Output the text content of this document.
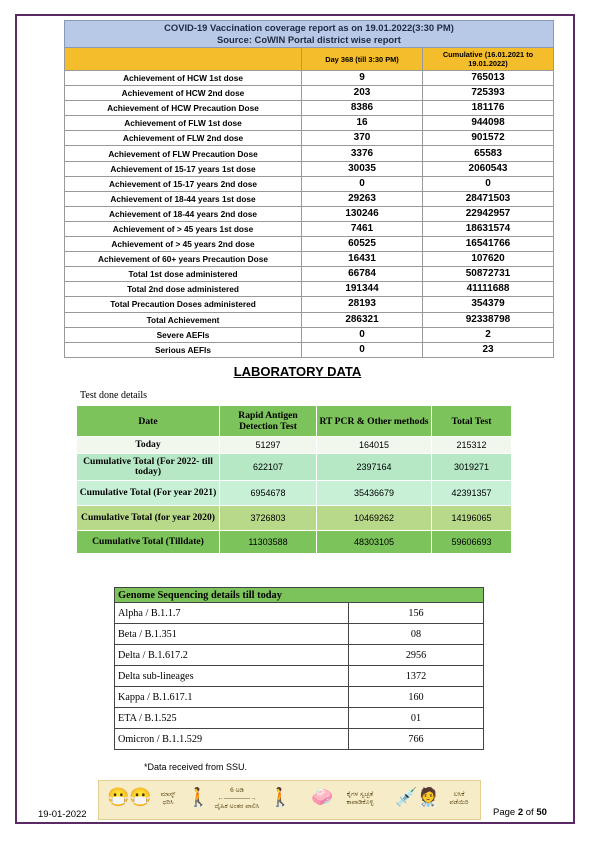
COVID-19 Vaccination coverage report as on 19.01.2022(3:30 PM)
Source: CoWIN Portal district wise report		

	Day 368 (till 3:30 PM)	Cumulative (16.01.2021 to 19.01.2022)
Achievement of HCW 1st dose	9	765013
Achievement of HCW 2nd dose	203	725393
Achievement of HCW Precaution Dose	8386	181176
Achievement of FLW 1st dose	16	944098
Achievement of FLW 2nd dose	370	901572
Achievement of FLW Precaution Dose	3376	65583
Achievement of 15-17 years 1st dose	30035	2060543
Achievement of 15-17 years 2nd dose	0	0
Achievement of 18-44 years 1st dose	29263	28471503
Achievement of 18-44 years 2nd dose	130246	22942957
Achievement of > 45 years 1st dose	7461	18631574
Achievement of > 45 years 2nd dose	60525	16541766
Achievement of 60+ years Precaution Dose	16431	107620
Total 1st dose administered	66784	50872731
Total 2nd dose administered	191344	41111688
Total Precaution Doses administered	28193	354379
Total Achievement	286321	92338798
Severe AEFIs	0	2
Serious AEFIs	0	23
LABORATORY DATA
Test done details			
Date	Rapid Antigen Detection Test	RT PCR & Other methods	Total Test
Today	51297	164015	215312
Cumulative Total (For 2022- till today)	622107	2397164	3019271
Cumulative Total (For year 2021)	6954678	35436679	42391357
Cumulative Total (for year 2020)	3726803	10469262	14196065
Cumulative Total (Tilldate)	11303588	48303105	59606693
Genome Sequencing details till today	
Alpha / B.1.1.7	156
Beta / B.1.351	08
Delta / B.1.617.2	2956
Delta sub-lineages	1372
Kappa / B.1.617.1	160
ETA / B.1.525	01
Omicron / B.1.1.529	766
*Data received from SSU.
😷😷	ಮಾಸ್ಕ್ ಧರಿಸಿ 🚶	6 ಅಡಿ
←――――→
ದೈಹಿಕ ಅಂತರ ಪಾಲಿಸಿ 🚶 🧼	ಕೈಗಳ ಸ್ವಚ್ಛತೆ ಕಾಪಾಡಿಕೊಳ್ಳಿ	💉 🧑‍⚕️	ಲಸಿಕೆ ಪಡೆಯಿರಿ
19-01-2022	Page 2 of 50
